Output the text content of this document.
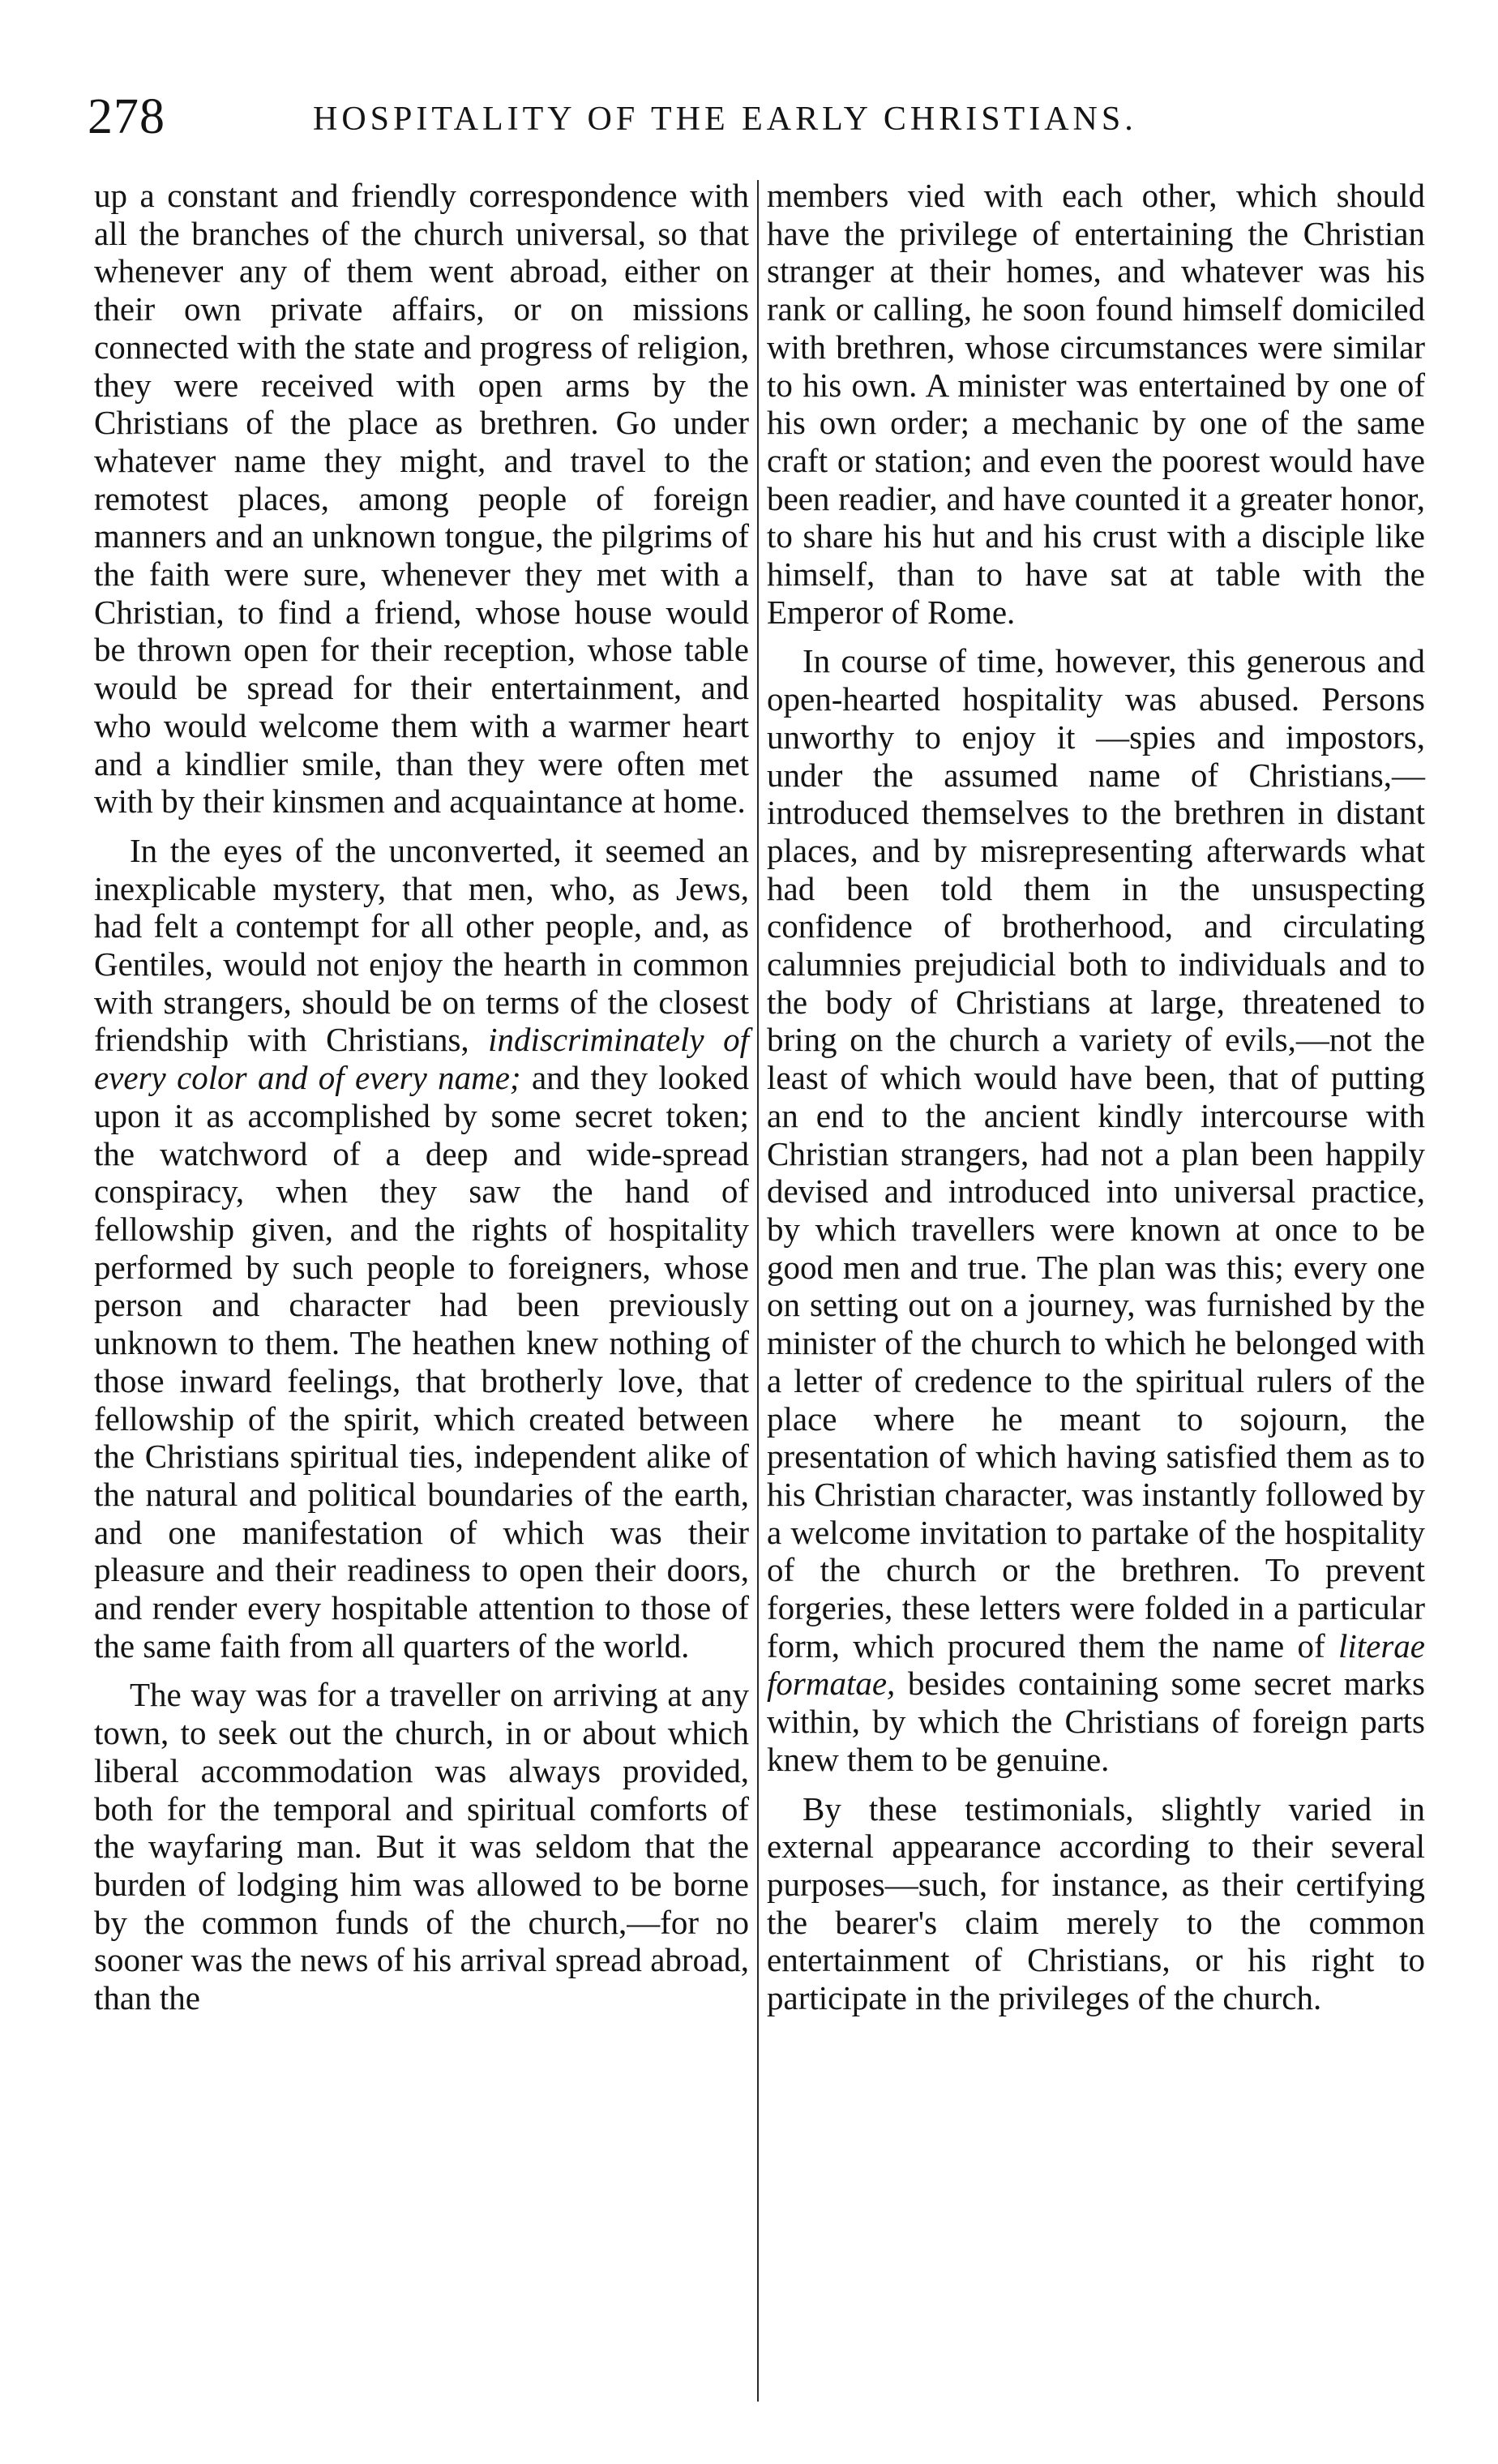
278	HOSPITALITY OF THE EARLY CHRISTIANS.

up a constant and friendly correspondence with all the branches of the church universal, so that whenever any of them went abroad, either on their own private affairs, or on missions connected with the state and progress of religion, they were received with open arms by the Christians of the place as brethren. Go under whatever name they might, and travel to the remotest places, among people of foreign manners and an unknown tongue, the pilgrims of the faith were sure, whenever they met with a Christian, to find a friend, whose house would be thrown open for their reception, whose table would be spread for their entertainment, and who would welcome them with a warmer heart and a kindlier smile, than they were often met with by their kinsmen and acquaintance at home.

In the eyes of the unconverted, it seemed an inexplicable mystery, that men, who, as Jews, had felt a contempt for all other people, and, as Gentiles, would not enjoy the hearth in common with strangers, should be on terms of the closest friendship with Christians, indiscriminately of every color and of every name; and they looked upon it as accomplished by some secret token; the watchword of a deep and wide-spread conspiracy, when they saw the hand of fellowship given, and the rights of hospitality performed by such people to foreigners, whose person and character had been previously unknown to them. The heathen knew nothing of those inward feelings, that brotherly love, that fellowship of the spirit, which created between the Christians spiritual ties, independent alike of the natural and political boundaries of the earth, and one manifestation of which was their pleasure and their readiness to open their doors, and render every hospitable attention to those of the same faith from all quarters of the world.

The way was for a traveller on arriving at any town, to seek out the church, in or about which liberal accommodation was always provided, both for the temporal and spiritual comforts of the wayfaring man. But it was seldom that the burden of lodging him was allowed to be borne by the common funds of the church,—for no sooner was the news of his arrival spread abroad, than the

members vied with each other, which should have the privilege of entertaining the Christian stranger at their homes, and whatever was his rank or calling, he soon found himself domiciled with brethren, whose circumstances were similar to his own. A minister was entertained by one of his own order; a mechanic by one of the same craft or station; and even the poorest would have been readier, and have counted it a greater honor, to share his hut and his crust with a disciple like himself, than to have sat at table with the Emperor of Rome.

In course of time, however, this generous and open-hearted hospitality was abused. Persons unworthy to enjoy it —spies and impostors, under the assumed name of Christians,—introduced themselves to the brethren in distant places, and by misrepresenting afterwards what had been told them in the unsuspecting confidence of brotherhood, and circulating calumnies prejudicial both to individuals and to the body of Christians at large, threatened to bring on the church a variety of evils,—not the least of which would have been, that of putting an end to the ancient kindly intercourse with Christian strangers, had not a plan been happily devised and introduced into universal practice, by which travellers were known at once to be good men and true. The plan was this; every one on setting out on a journey, was furnished by the minister of the church to which he belonged with a letter of credence to the spiritual rulers of the place where he meant to sojourn, the presentation of which having satisfied them as to his Christian character, was instantly followed by a welcome invitation to partake of the hospitality of the church or the brethren. To prevent forgeries, these letters were folded in a particular form, which procured them the name of literae formatae, besides containing some secret marks within, by which the Christians of foreign parts knew them to be genuine.

By these testimonials, slightly varied in external appearance according to their several purposes—such, for instance, as their certifying the bearer's claim merely to the common entertainment of Christians, or his right to participate in the privileges of the church.
